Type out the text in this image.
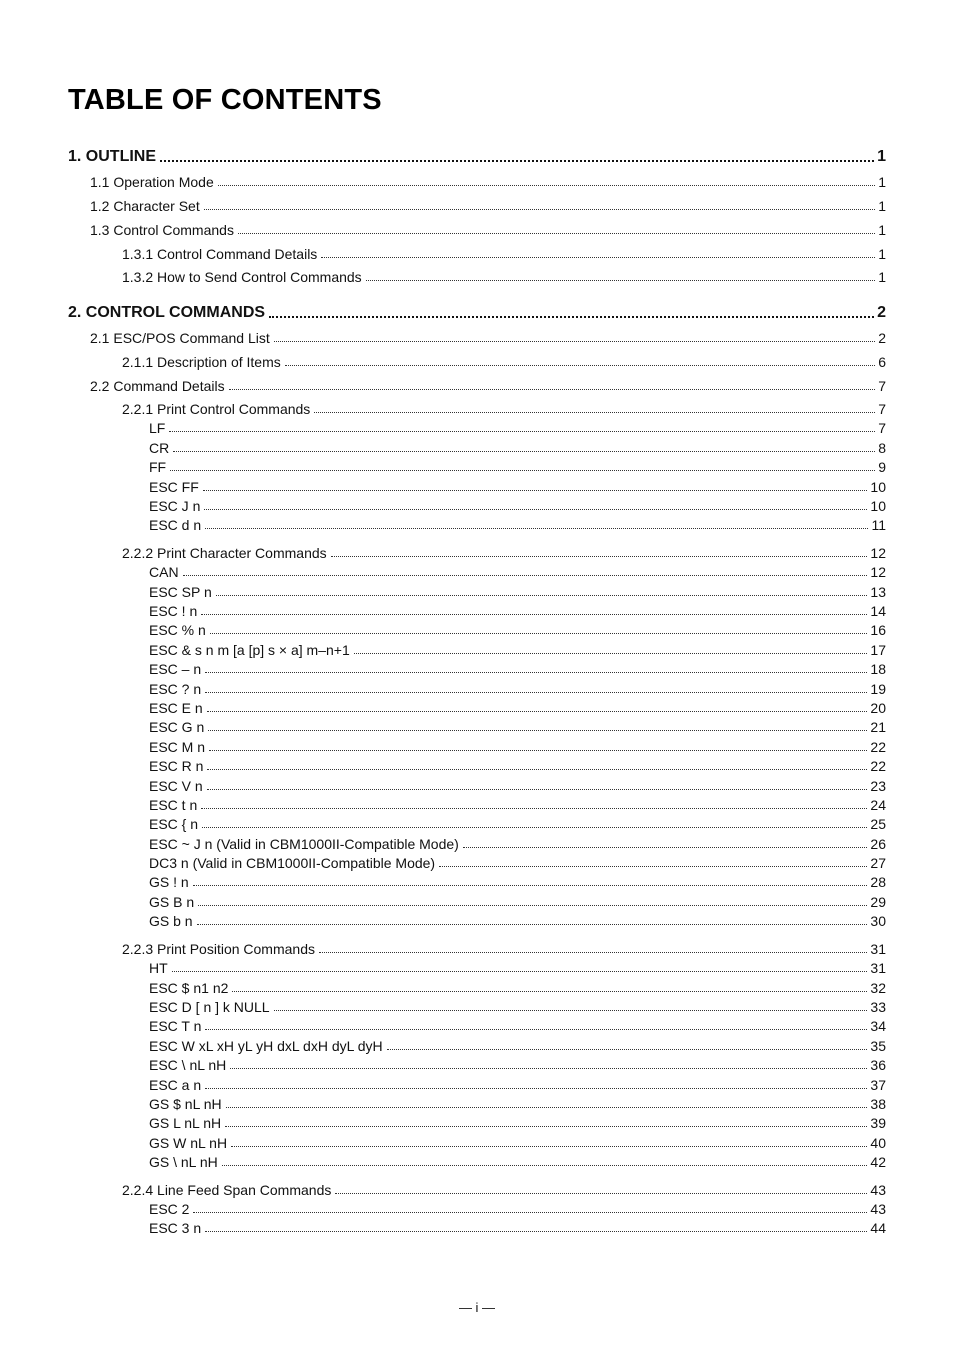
TABLE OF CONTENTS
1. OUTLINE	1
1.1 Operation Mode	1
1.2 Character Set	1
1.3 Control Commands	1
1.3.1 Control Command Details	1
1.3.2 How to Send Control Commands	1
2. CONTROL COMMANDS	2
2.1 ESC/POS Command List	2
2.1.1 Description of Items	6
2.2 Command Details	7
2.2.1 Print Control Commands	7
LF	7
CR	8
FF	9
ESC FF	10
ESC J n	10
ESC d n	11
2.2.2 Print Character Commands	12
CAN	12
ESC SP n	13
ESC ! n	14
ESC % n	16
ESC & s n m [a [p] s × a] m–n+1	17
ESC – n	18
ESC ? n	19
ESC E n	20
ESC G n	21
ESC M n	22
ESC R n	22
ESC V n	23
ESC t n	24
ESC { n	25
ESC ~ J n (Valid in CBM1000II-Compatible Mode)	26
DC3 n (Valid in CBM1000II-Compatible Mode)	27
GS ! n	28
GS B n	29
GS b n	30
2.2.3 Print Position Commands	31
HT	31
ESC $ n1 n2	32
ESC D [ n ] k NULL	33
ESC T n	34
ESC W xL xH yL yH dxL dxH dyL dyH	35
ESC \ nL nH	36
ESC a n	37
GS $ nL nH	38
GS L nL nH	39
GS W nL nH	40
GS \ nL nH	42
2.2.4 Line Feed Span Commands	43
ESC 2	43
ESC 3 n	44
— i —
